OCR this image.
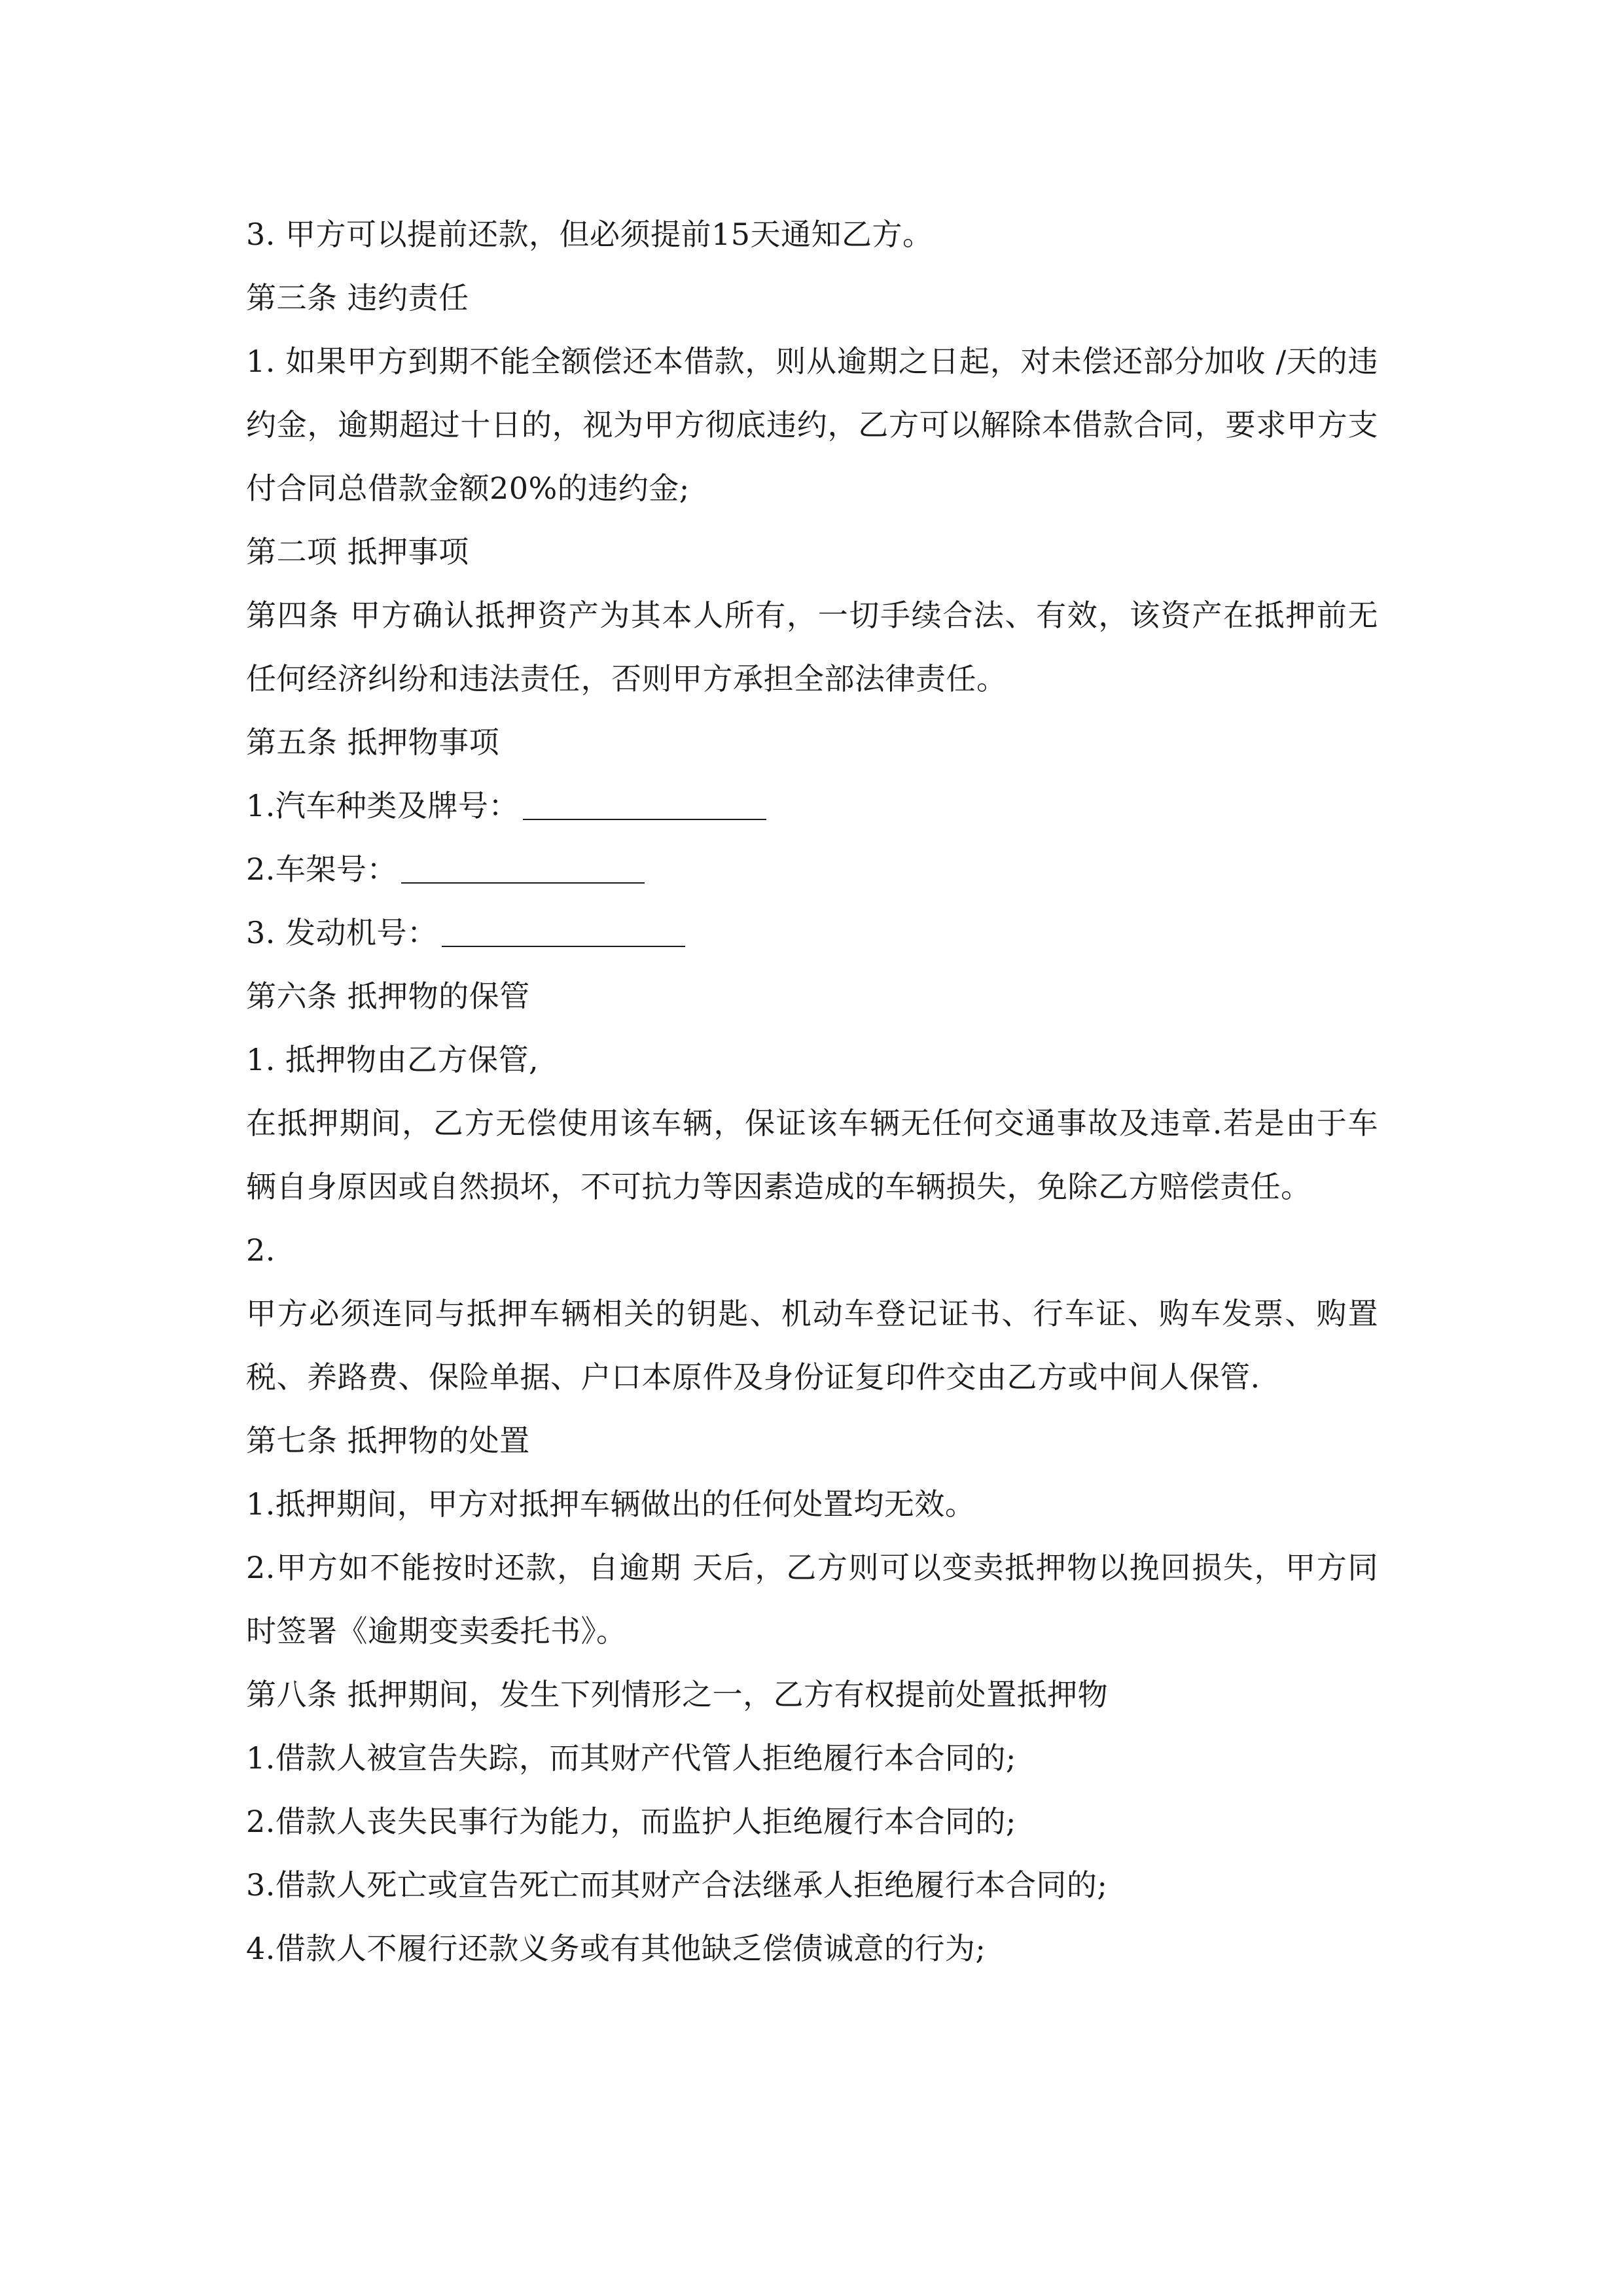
3. 甲方可以提前还款，但必须提前15天通知乙方。

第三条 违约责任

1. 如果甲方到期不能全额偿还本借款，则从逾期之日起，对未偿还部分加收 /天的违约金，逾期超过十日的，视为甲方彻底违约，乙方可以解除本借款合同，要求甲方支付合同总借款金额20%的违约金;

第二项 抵押事项

第四条 甲方确认抵押资产为其本人所有，一切手续合法、有效，该资产在抵押前无任何经济纠纷和违法责任，否则甲方承担全部法律责任。

第五条 抵押物事项

1.汽车种类及牌号：

2.车架号：

3. 发动机号：

第六条 抵押物的保管

1. 抵押物由乙方保管,

在抵押期间，乙方无偿使用该车辆，保证该车辆无任何交通事故及违章.若是由于车辆自身原因或自然损坏，不可抗力等因素造成的车辆损失，免除乙方赔偿责任。

2.

甲方必须连同与抵押车辆相关的钥匙、机动车登记证书、行车证、购车发票、购置税、养路费、保险单据、户口本原件及身份证复印件交由乙方或中间人保管.

第七条 抵押物的处置

1.抵押期间，甲方对抵押车辆做出的任何处置均无效。

2.甲方如不能按时还款，自逾期 天后，乙方则可以变卖抵押物以挽回损失，甲方同时签署《逾期变卖委托书》。

第八条 抵押期间，发生下列情形之一，乙方有权提前处置抵押物

1.借款人被宣告失踪，而其财产代管人拒绝履行本合同的;

2.借款人丧失民事行为能力，而监护人拒绝履行本合同的;

3.借款人死亡或宣告死亡而其财产合法继承人拒绝履行本合同的;

4.借款人不履行还款义务或有其他缺乏偿债诚意的行为;
